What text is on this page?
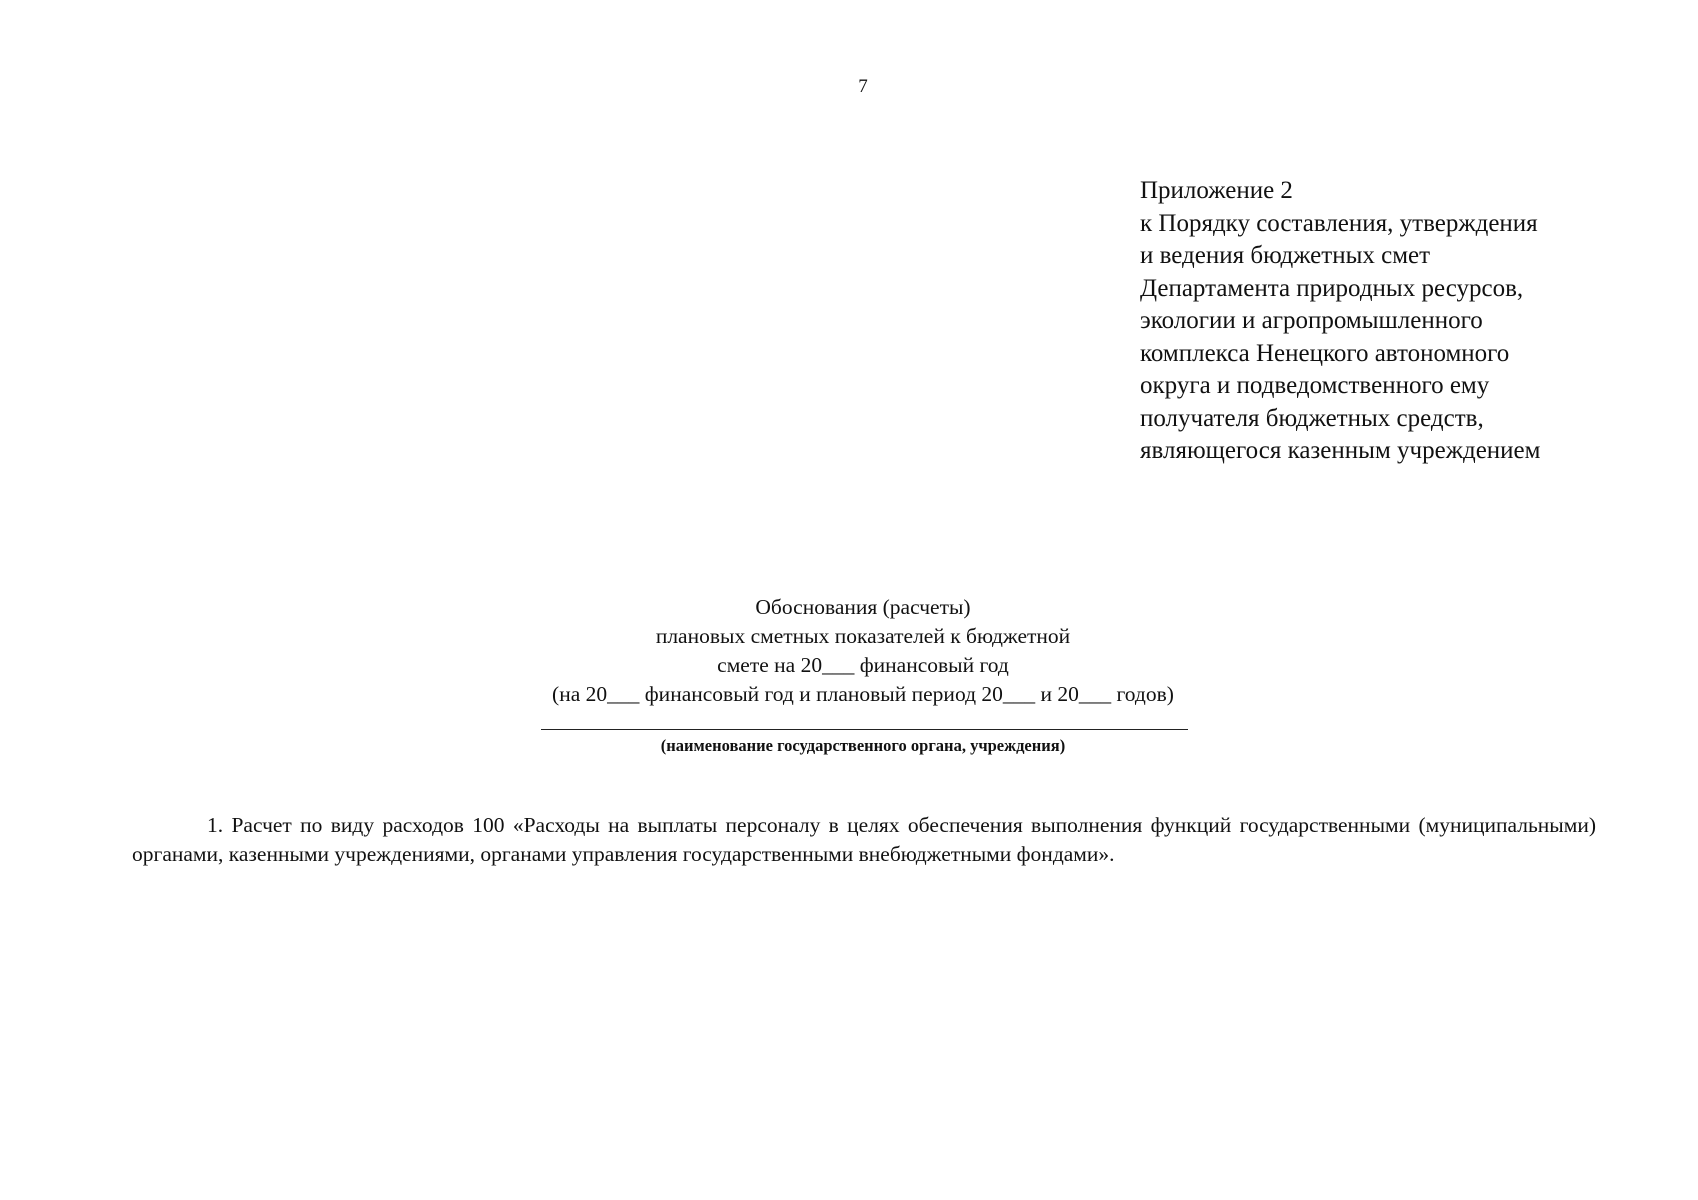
7
Приложение 2
к Порядку составления, утверждения
и ведения бюджетных смет
Департамента природных ресурсов,
экологии и агропромышленного
комплекса Ненецкого автономного
округа и подведомственного ему
получателя бюджетных средств,
являющегося казенным учреждением
Обоснования (расчеты)
плановых сметных показателей к бюджетной
смете на 20___ финансовый год
(на 20___ финансовый год и плановый период 20___ и 20___ годов)
(наименование государственного органа, учреждения)
1. Расчет по виду расходов 100 «Расходы на выплаты персоналу в целях обеспечения выполнения функций государственными (муниципальными) органами, казенными учреждениями, органами управления государственными внебюджетными фондами».
